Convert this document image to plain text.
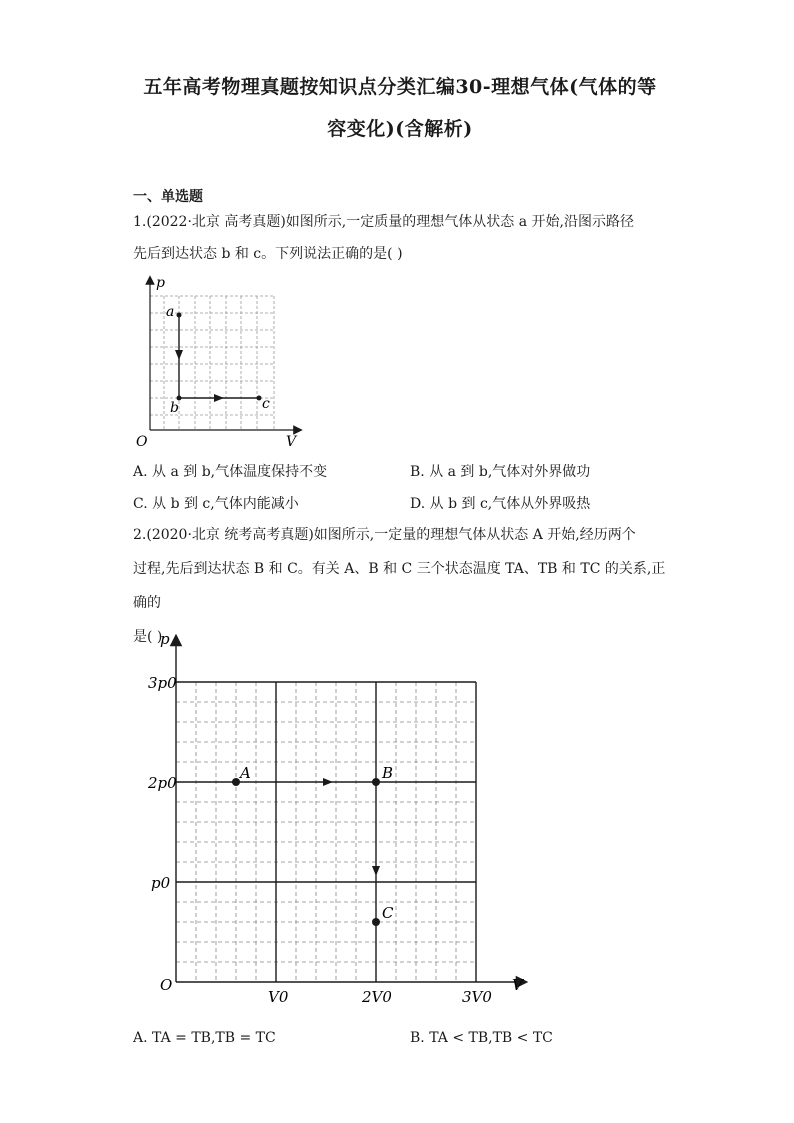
五年高考物理真题按知识点分类汇编30-理想气体(气体的等
容变化)(含解析)
一、单选题
1.(2022·北京 高考真题)如图所示,一定质量的理想气体从状态 a 开始,沿图示路径
先后到达状态 b 和 c。下列说法正确的是( )
p
V
O
a
b	c
A. 从 a 到 b,气体温度保持不变	B. 从 a 到 b,气体对外界做功
C. 从 b 到 c,气体内能减小	D. 从 b 到 c,气体从外界吸热
2.(2020·北京 统考高考真题)如图所示,一定量的理想气体从状态 A 开始,经历两个
过程,先后到达状态 B 和 C。有关 A、B 和 C 三个状态温度 TA、TB 和 TC 的关系,正确的
是( )
p
V
O
3p0
2p0
p0
V0	2V0	3V0
A	B
C
A. TA = TB,TB = TC	B. TA < TB,TB < TC
